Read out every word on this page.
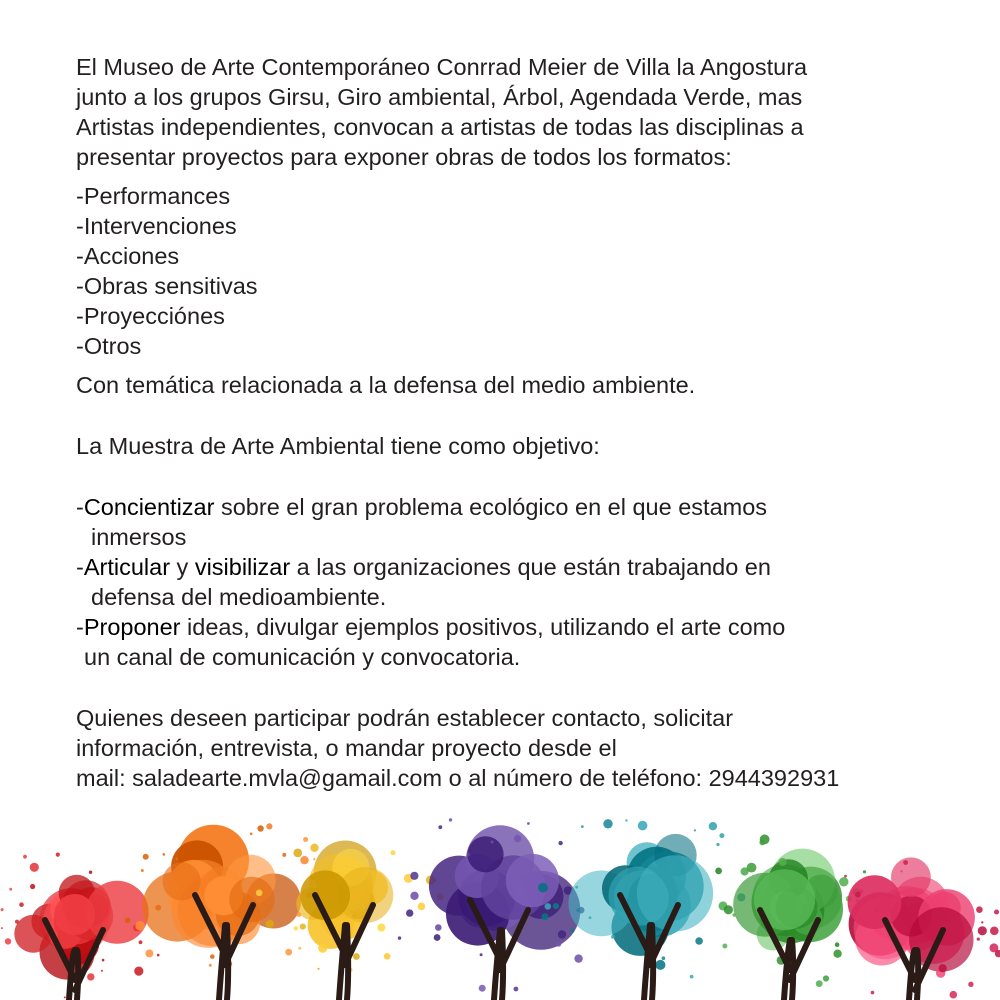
El Museo de Arte Contemporáneo Conrrad Meier de Villa la Angostura

junto a los grupos Girsu, Giro ambiental, Árbol, Agendada Verde, mas

Artistas independientes, convocan a artistas de todas las disciplinas a

presentar proyectos para exponer obras de todos los formatos:

-Performances

-Intervenciones

-Acciones

-Obras sensitivas

-Proyecciónes

-Otros

Con temática relacionada a la defensa del medio ambiente.

La Muestra de Arte Ambiental tiene como objetivo:

-Concientizar sobre el gran problema ecológico en el que estamos
inmersos

-Articular y visibilizar a las organizaciones que están trabajando en
defensa del medioambiente.

-Proponer ideas, divulgar ejemplos positivos, utilizando el arte como
un canal de comunicación y convocatoria.

Quienes deseen participar podrán establecer contacto, solicitar

información, entrevista, o mandar proyecto desde el

mail: saladearte.mvla@gamail.com o al número de teléfono: 2944392931
